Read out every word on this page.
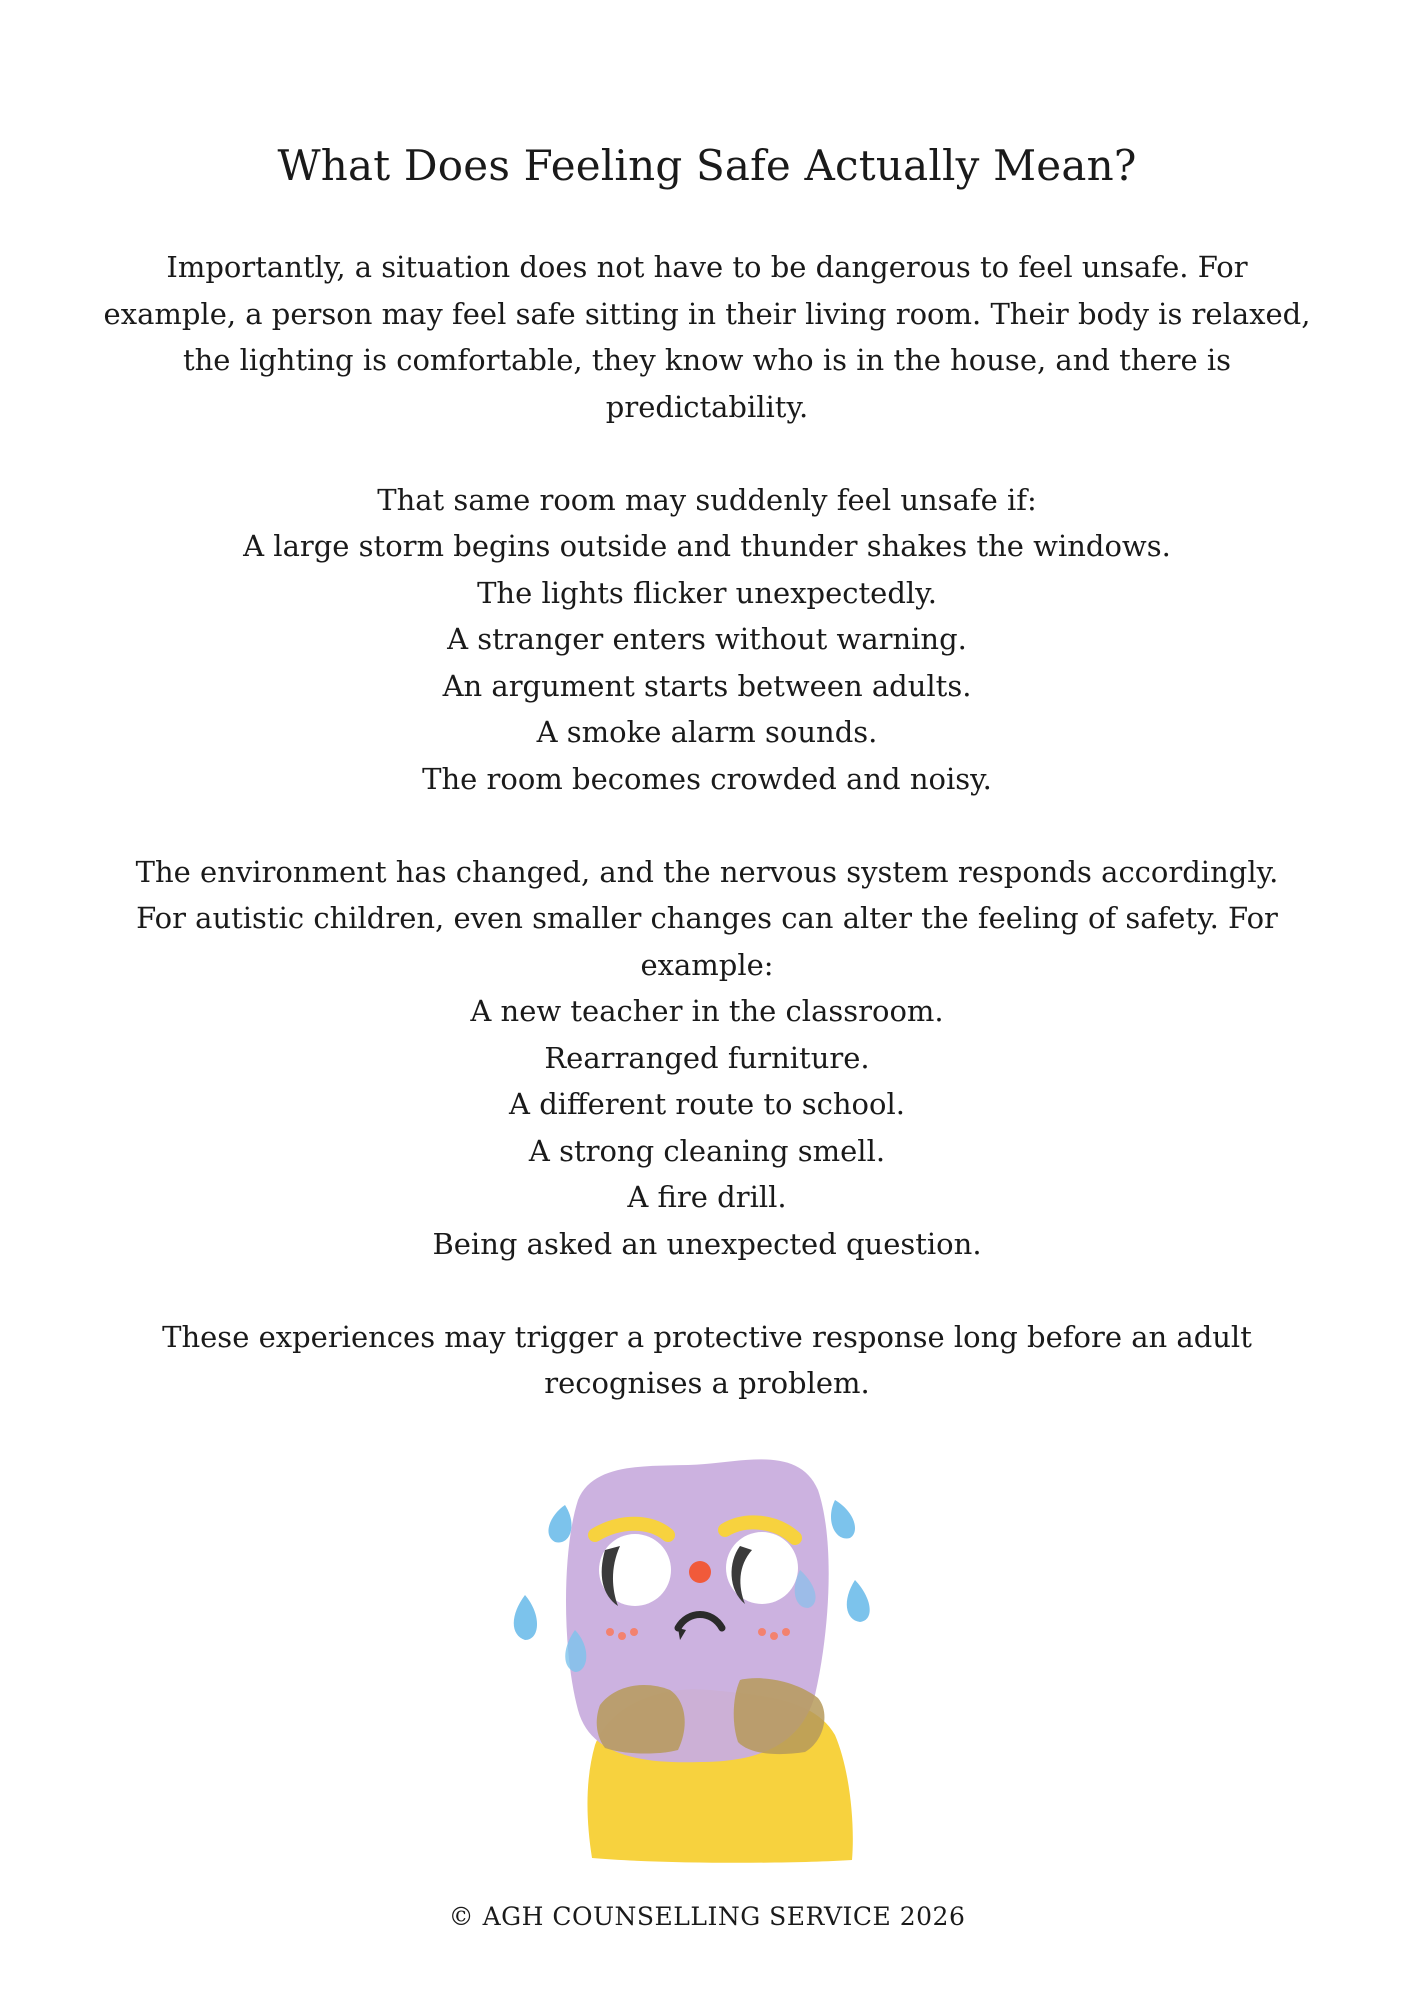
What Does Feeling Safe Actually Mean?

Importantly, a situation does not have to be dangerous to feel unsafe. For

example, a person may feel safe sitting in their living room. Their body is relaxed,

the lighting is comfortable, they know who is in the house, and there is

predictability.

That same room may suddenly feel unsafe if:

A large storm begins outside and thunder shakes the windows.

The lights flicker unexpectedly.

A stranger enters without warning.

An argument starts between adults.

A smoke alarm sounds.

The room becomes crowded and noisy.

The environment has changed, and the nervous system responds accordingly.

For autistic children, even smaller changes can alter the feeling of safety. For

example:

A new teacher in the classroom.

Rearranged furniture.

A different route to school.

A strong cleaning smell.

A fire drill.

Being asked an unexpected question.

These experiences may trigger a protective response long before an adult

recognises a problem.

© AGH COUNSELLING SERVICE 2026
